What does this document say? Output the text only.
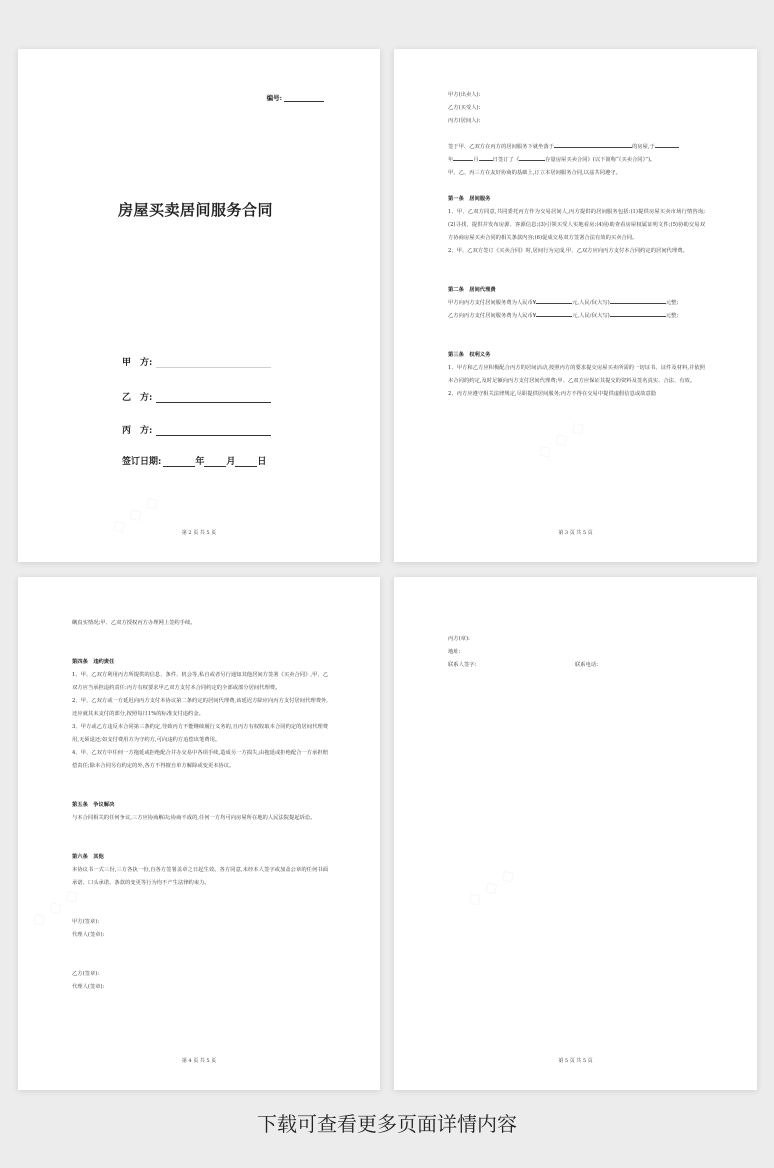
编号:
房屋买卖居间服务合同
甲　方:
乙　方:
丙　方:
签订日期:	年 月 日
第 2 页 共 5 页

甲方(出卖人):

乙方(买受人):

丙方(居间人):

签于甲、乙双方在丙方的居间服务下就坐落于	的房屋,于
年	月	日签订了《	存量房屋买卖合同》(以下简称“《买卖合同》”)。
甲、乙、丙三方在友好协商的基础上,订立本居间服务合同,以兹共同遵守。

第一条　居间服务

1、甲、乙双方同意,共同委托丙方作为交易居间人,丙方提供的居间服务包括:(1)提供房屋买卖市场行情咨询;(2)寻找、提供并发布房源、客源信息;(3)引领买受人实地看房;(4)协助查看房屋权属证明文件;(5)协助交易双方协商房屋买卖合同的相关条款内容;(6)促成交易双方签署合法有效的买卖合同。

2、甲、乙双方签订《买卖合同》时,居间行为完成,甲、乙双方应向丙方支付本合同约定的居间代理费。

第二条　居间代理费

甲方向丙方支付居间服务费为人民币¥	元,人民币(大写)	元整;

乙方向丙方支付居间服务费为人民币¥	元,人民币(大写)	元整;

第三条　权利义务

1、甲方和乙方应积极配合丙方的居间活动,按照丙方的要求提交房屋买卖所需的一切证书、证件及材料,并依照本合同的约定,及时足额向丙方支付居间代理费;甲、乙双方应保证其提交的资料及签名真实、合法、有效。

2、丙方应遵守相关法律规定,尽职提供居间服务;丙方不得在交易中提供虚假信息或故意隐

第 3 页 共 5 页

瞒真实情况;甲、乙双方授权丙方办理网上签约手续。

第四条　违约责任

1、甲、乙双方利用丙方所提供的信息、条件、机会等,私自或者另行通知其他居间方签署《买卖合同》,甲、乙双方应当承担违约责任:丙方有权要求甲乙双方支付本合同约定的全部或部分居间代理费。

2、甲、乙双方或一方延迟向丙方支付本协议第二条约定的居间代理费,该延迟方除应向丙方支付居间代理费外,还应就其未支付的部分,按照每日1%的标准支付违约金。

3、甲方或乙方违反本合同第三条约定,导致丙方不能继续履行义务的,且丙方有权收取本合同约定的居间代理费用,无须退还;如支付费用方为守约方,可向违约方追偿该笔费用。

4、甲、乙双方中任何一方拖延或拒绝配合并办交易中各项手续,造成另一方损失,由拖延或拒绝配合一方承担赔偿责任;除本合同另有约定的外,各方不得擅自单方解除或变更本协议。

第五条　争议解决

与本合同相关的任何争议,三方应协商解决;协商不成的,任何一方均可向房屋所在地的人民法院提起诉讼。

第六条　其他

本协议书一式三份,三方各执一份,自各方签署盖章之日起生效。各方同意,未经本人签字或加盖公章的任何书面承诺、口头承诺、条款的变更等行为均不产生法律约束力。

甲方(签章):

代理人(签章):

乙方(签章):

代理人(签章):

第 4 页 共 5 页

丙方(章):

地址:

联系人签字:	联系电话:

第 5 页 共 5 页
下载可查看更多页面详情内容
